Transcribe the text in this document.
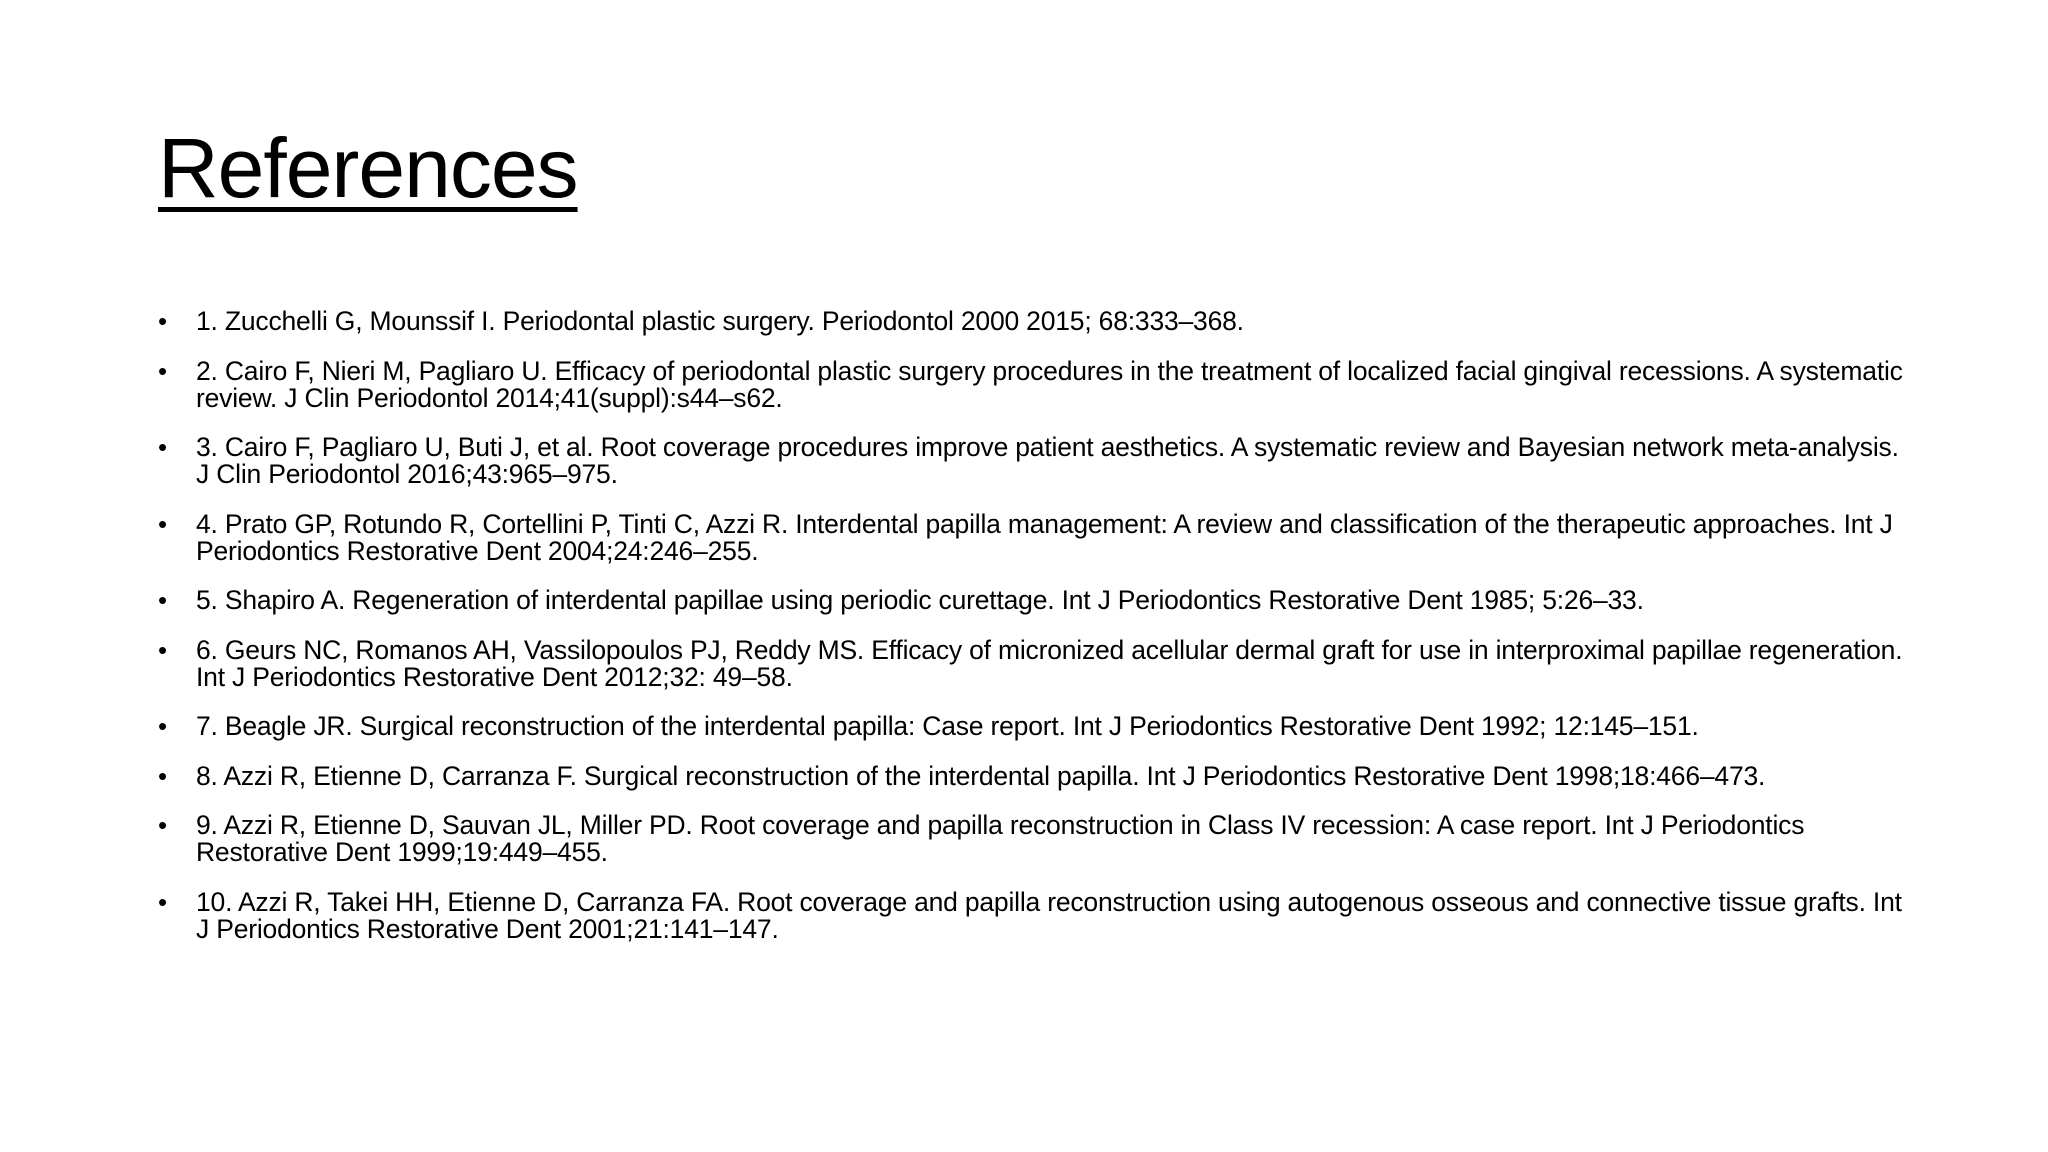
References
•	1. Zucchelli G, Mounssif I. Periodontal plastic surgery. Periodontol 2000 2015; 68:333–368.
•	2. Cairo F, Nieri M, Pagliaro U. Efficacy of periodontal plastic surgery procedures in the treatment of localized facial gingival recessions. A systematic review. J Clin Periodontol 2014;41(suppl):s44–s62.
•	3. Cairo F, Pagliaro U, Buti J, et al. Root coverage procedures improve patient aesthetics. A systematic review and Bayesian network meta-analysis. J Clin Periodontol 2016;43:965–975.
•	4. Prato GP, Rotundo R, Cortellini P, Tinti C, Azzi R. Interdental papilla management: A review and classification of the therapeutic approaches. Int J Periodontics Restorative Dent 2004;24:246–255.
•	5. Shapiro A. Regeneration of interdental papillae using periodic curettage. Int J Periodontics Restorative Dent 1985; 5:26–33.
•	6. Geurs NC, Romanos AH, Vassilopoulos PJ, Reddy MS. Efficacy of micronized acellular dermal graft for use in interproximal papillae regeneration. Int J Periodontics Restorative Dent 2012;32: 49–58.
•	7. Beagle JR. Surgical reconstruction of the interdental papilla: Case report. Int J Periodontics Restorative Dent 1992; 12:145–151.
•	8. Azzi R, Etienne D, Carranza F. Surgical reconstruction of the interdental papilla. Int J Periodontics Restorative Dent 1998;18:466–473.
•	9. Azzi R, Etienne D, Sauvan JL, Miller PD. Root coverage and papilla reconstruction in Class IV recession: A case report. Int J Periodontics Restorative Dent 1999;19:449–455.
•	10. Azzi R, Takei HH, Etienne D, Carranza FA. Root coverage and papilla reconstruction using autogenous osseous and connective tissue grafts. Int J Periodontics Restorative Dent 2001;21:141–147.
